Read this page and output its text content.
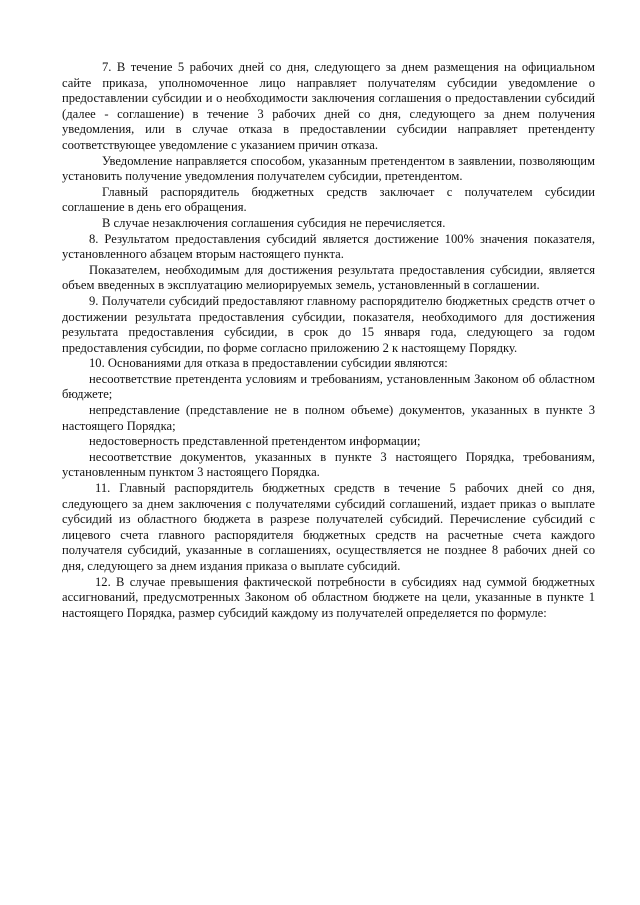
7. В течение 5 рабочих дней со дня, следующего за днем размещения на официальном сайте приказа, уполномоченное лицо направляет получателям субсидии уведомление о предоставлении субсидии и о необходимости заключения соглашения о предоставлении субсидий (далее - соглашение) в течение 3 рабочих дней со дня, следующего за днем получения уведомления, или в случае отказа в предоставлении субсидии направляет претенденту соответствующее уведомление с указанием причин отказа.

Уведомление направляется способом, указанным претендентом в заявлении, позволяющим установить получение уведомления получателем субсидии, претендентом.

Главный распорядитель бюджетных средств заключает с получателем субсидии соглашение в день его обращения.

В случае незаключения соглашения субсидия не перечисляется.

8. Результатом предоставления субсидий является достижение 100% значения показателя, установленного абзацем вторым настоящего пункта.

Показателем, необходимым для достижения результата предоставления субсидии, является объем введенных в эксплуатацию мелиорируемых земель, установленный в соглашении.

9. Получатели субсидий предоставляют главному распорядителю бюджетных средств отчет о достижении результата предоставления субсидии, показателя, необходимого для достижения результата предоставления субсидии, в срок до 15 января года, следующего за годом предоставления субсидии, по форме согласно приложению 2 к настоящему Порядку.

10. Основаниями для отказа в предоставлении субсидии являются:

несоответствие претендента условиям и требованиям, установленным Законом об областном бюджете;

непредставление (представление не в полном объеме) документов, указанных в пункте 3 настоящего Порядка;

недостоверность представленной претендентом информации;

несоответствие документов, указанных в пункте 3 настоящего Порядка, требованиям, установленным пунктом 3 настоящего Порядка.

11. Главный распорядитель бюджетных средств в течение 5 рабочих дней со дня, следующего за днем заключения с получателями субсидий соглашений, издает приказ о выплате субсидий из областного бюджета в разрезе получателей субсидий. Перечисление субсидий с лицевого счета главного распорядителя бюджетных средств на расчетные счета каждого получателя субсидий, указанные в соглашениях, осуществляется не позднее 8 рабочих дней со дня, следующего за днем издания приказа о выплате субсидий.

12. В случае превышения фактической потребности в субсидиях над суммой бюджетных ассигнований, предусмотренных Законом об областном бюджете на цели, указанные в пункте 1 настоящего Порядка, размер субсидий каждому из получателей определяется по формуле:
